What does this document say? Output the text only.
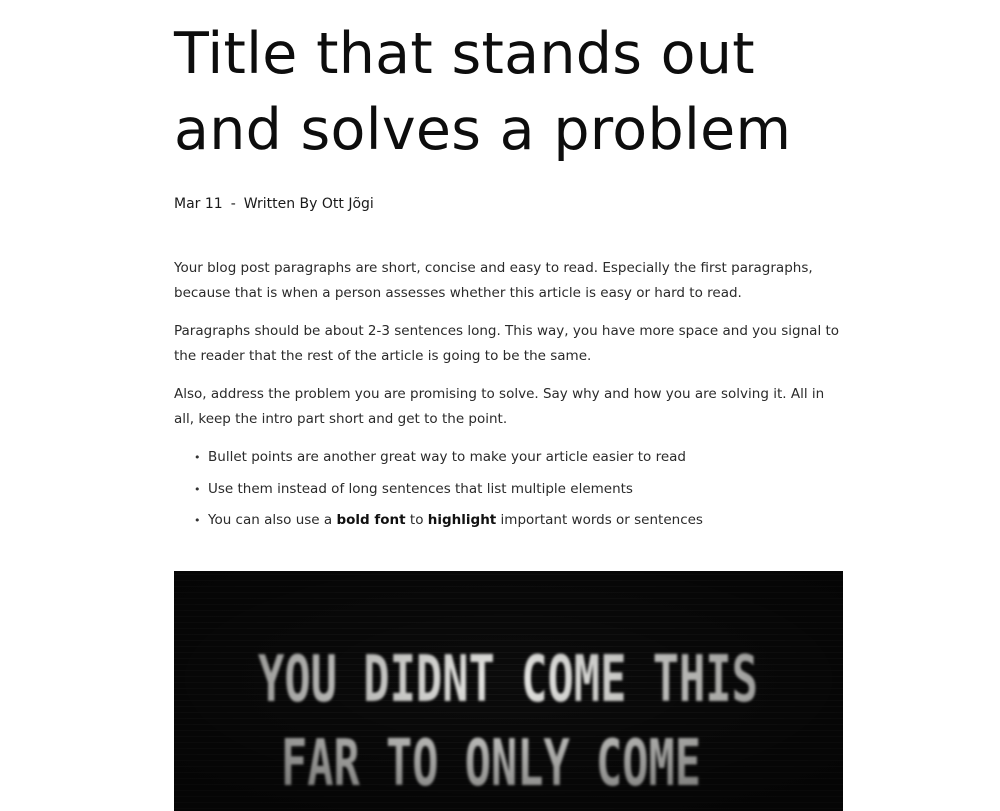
Title that stands out
and solves a problem
Mar 11 - Written By Ott Jõgi

Your blog post paragraphs are short, concise and easy to read. Especially the first paragraphs, because that is when a person assesses whether this article is easy or hard to read.

Paragraphs should be about 2-3 sentences long. This way, you have more space and you signal to the reader that the rest of the article is going to be the same.

Also, address the problem you are promising to solve. Say why and how you are solving it. All in all, keep the intro part short and get to the point.

• Bullet points are another great way to make your article easier to read
• Use them instead of long sentences that list multiple elements
• You can also use a bold font to highlight important words or sentences
